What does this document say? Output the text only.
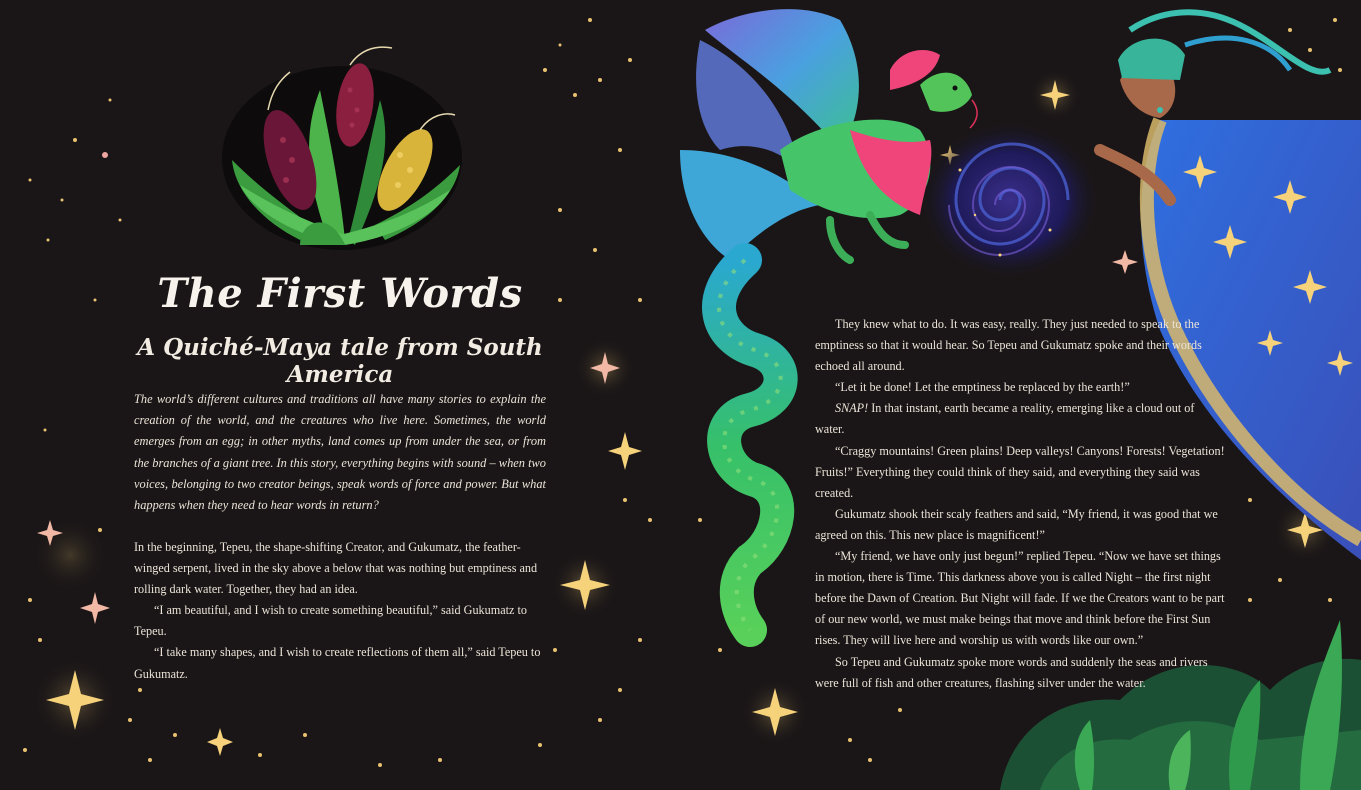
The First Words
A Quiché-Maya tale from South America

The world’s different cultures and traditions all have many stories to explain the creation of the world, and the creatures who live here. Sometimes, the world emerges from an egg; in other myths, land comes up from under the sea, or from the branches of a giant tree. In this story, everything begins with sound – when two voices, belonging to two creator beings, speak words of force and power. But what happens when they need to hear words in return?

In the beginning, Tepeu, the shape-shifting Creator, and Gukumatz, the feather-winged serpent, lived in the sky above a below that was nothing but emptiness and rolling dark water. Together, they had an idea.

“I am beautiful, and I wish to create something beautiful,” said Gukumatz to Tepeu.

“I take many shapes, and I wish to create reflections of them all,” said Tepeu to Gukumatz.

They knew what to do. It was easy, really. They just needed to speak to the emptiness so that it would hear. So Tepeu and Gukumatz spoke and their words echoed all around.

“Let it be done! Let the emptiness be replaced by the earth!”

SNAP! In that instant, earth became a reality, emerging like a cloud out of water.

“Craggy mountains! Green plains! Deep valleys! Canyons! Forests! Vegetation! Fruits!” Everything they could think of they said, and everything they said was created.

Gukumatz shook their scaly feathers and said, “My friend, it was good that we agreed on this. This new place is magnificent!”

“My friend, we have only just begun!” replied Tepeu. “Now we have set things in motion, there is Time. This darkness above you is called Night – the first night before the Dawn of Creation. But Night will fade. If we the Creators want to be part of our new world, we must make beings that move and think before the First Sun rises. They will live here and worship us with words like our own.”

So Tepeu and Gukumatz spoke more words and suddenly the seas and rivers were full of fish and other creatures, flashing silver under the water.
